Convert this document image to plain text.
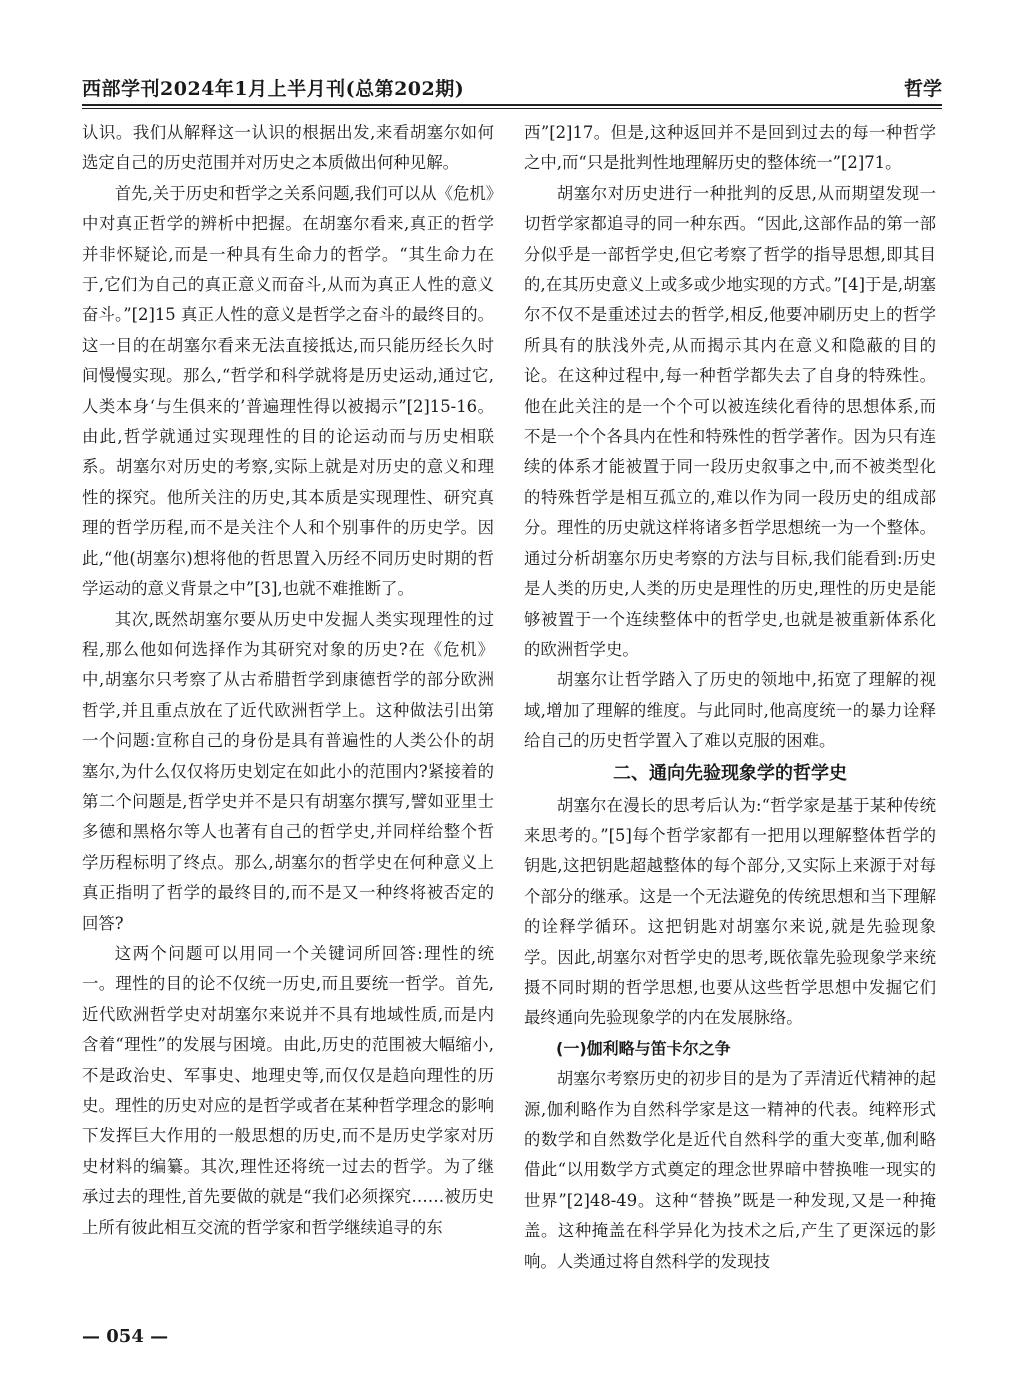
西部学刊2024年1月上半月刊(总第202期)	哲学

认识。我们从解释这一认识的根据出发,来看胡塞尔如何选定自己的历史范围并对历史之本质做出何种见解。

首先,关于历史和哲学之关系问题,我们可以从《危机》中对真正哲学的辨析中把握。在胡塞尔看来,真正的哲学并非怀疑论,而是一种具有生命力的哲学。“其生命力在于,它们为自己的真正意义而奋斗,从而为真正人性的意义奋斗。”[2]15 真正人性的意义是哲学之奋斗的最终目的。这一目的在胡塞尔看来无法直接抵达,而只能历经长久时间慢慢实现。那么,“哲学和科学就将是历史运动,通过它,人类本身‘与生俱来的’普遍理性得以被揭示”[2]15-16。由此,哲学就通过实现理性的目的论运动而与历史相联系。胡塞尔对历史的考察,实际上就是对历史的意义和理性的探究。他所关注的历史,其本质是实现理性、研究真理的哲学历程,而不是关注个人和个别事件的历史学。因此,“他(胡塞尔)想将他的哲思置入历经不同历史时期的哲学运动的意义背景之中”[3],也就不难推断了。

其次,既然胡塞尔要从历史中发掘人类实现理性的过程,那么他如何选择作为其研究对象的历史?在《危机》中,胡塞尔只考察了从古希腊哲学到康德哲学的部分欧洲哲学,并且重点放在了近代欧洲哲学上。这种做法引出第一个问题:宣称自己的身份是具有普遍性的人类公仆的胡塞尔,为什么仅仅将历史划定在如此小的范围内?紧接着的第二个问题是,哲学史并不是只有胡塞尔撰写,譬如亚里士多德和黑格尔等人也著有自己的哲学史,并同样给整个哲学历程标明了终点。那么,胡塞尔的哲学史在何种意义上真正指明了哲学的最终目的,而不是又一种终将被否定的回答?

这两个问题可以用同一个关键词所回答:理性的统一。理性的目的论不仅统一历史,而且要统一哲学。首先,近代欧洲哲学史对胡塞尔来说并不具有地域性质,而是内含着“理性”的发展与困境。由此,历史的范围被大幅缩小,不是政治史、军事史、地理史等,而仅仅是趋向理性的历史。理性的历史对应的是哲学或者在某种哲学理念的影响下发挥巨大作用的一般思想的历史,而不是历史学家对历史材料的编纂。其次,理性还将统一过去的哲学。为了继承过去的理性,首先要做的就是“我们必须探究……被历史上所有彼此相互交流的哲学家和哲学继续追寻的东

西”[2]17。但是,这种返回并不是回到过去的每一种哲学之中,而“只是批判性地理解历史的整体统一”[2]71。

胡塞尔对历史进行一种批判的反思,从而期望发现一切哲学家都追寻的同一种东西。“因此,这部作品的第一部分似乎是一部哲学史,但它考察了哲学的指导思想,即其目的,在其历史意义上或多或少地实现的方式。”[4]于是,胡塞尔不仅不是重述过去的哲学,相反,他要冲刷历史上的哲学所具有的肤浅外壳,从而揭示其内在意义和隐蔽的目的论。在这种过程中,每一种哲学都失去了自身的特殊性。他在此关注的是一个个可以被连续化看待的思想体系,而不是一个个各具内在性和特殊性的哲学著作。因为只有连续的体系才能被置于同一段历史叙事之中,而不被类型化的特殊哲学是相互孤立的,难以作为同一段历史的组成部分。理性的历史就这样将诸多哲学思想统一为一个整体。通过分析胡塞尔历史考察的方法与目标,我们能看到:历史是人类的历史,人类的历史是理性的历史,理性的历史是能够被置于一个连续整体中的哲学史,也就是被重新体系化的欧洲哲学史。

胡塞尔让哲学踏入了历史的领地中,拓宽了理解的视域,增加了理解的维度。与此同时,他高度统一的暴力诠释给自己的历史哲学置入了难以克服的困难。

二、通向先验现象学的哲学史

胡塞尔在漫长的思考后认为:“哲学家是基于某种传统来思考的。”[5]每个哲学家都有一把用以理解整体哲学的钥匙,这把钥匙超越整体的每个部分,又实际上来源于对每个部分的继承。这是一个无法避免的传统思想和当下理解的诠释学循环。这把钥匙对胡塞尔来说,就是先验现象学。因此,胡塞尔对哲学史的思考,既依靠先验现象学来统摄不同时期的哲学思想,也要从这些哲学思想中发掘它们最终通向先验现象学的内在发展脉络。

(一)伽利略与笛卡尔之争

胡塞尔考察历史的初步目的是为了弄清近代精神的起源,伽利略作为自然科学家是这一精神的代表。纯粹形式的数学和自然数学化是近代自然科学的重大变革,伽利略借此“以用数学方式奠定的理念世界暗中替换唯一现实的世界”[2]48-49。这种“替换”既是一种发现,又是一种掩盖。这种掩盖在科学异化为技术之后,产生了更深远的影响。人类通过将自然科学的发现技

— 054 —
